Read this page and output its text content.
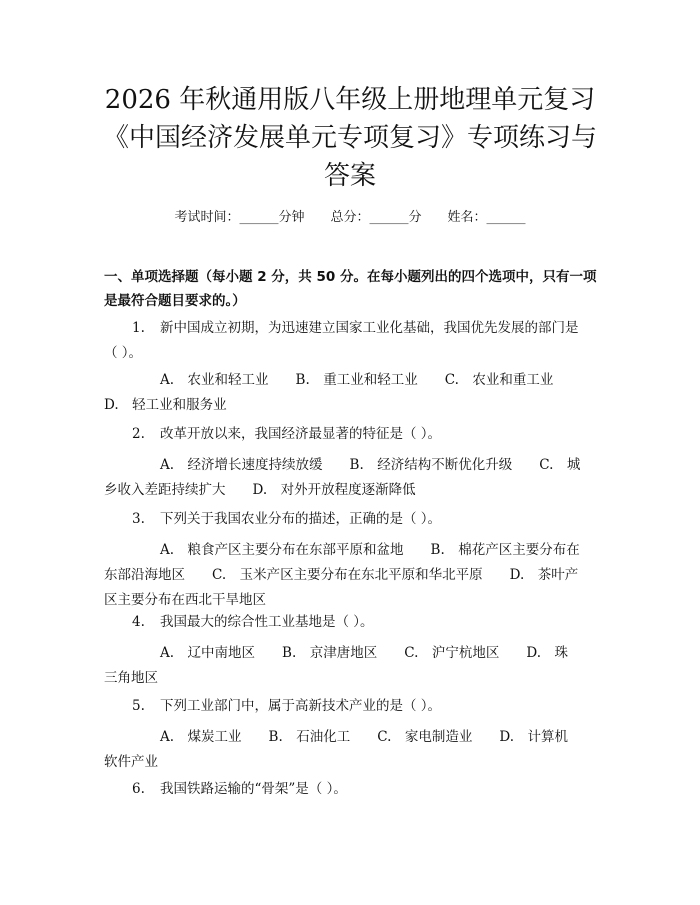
2026 年秋通用版八年级上册地理单元复习
《中国经济发展单元专项复习》专项练习与
答案
考试时间：______分钟 总分：______分 姓名：______
一、单项选择题（每小题 2 分，共 50 分。在每小题列出的四个选项中，只有一项
是最符合题目要求的。）
1. 新中国成立初期，为迅速建立国家工业化基础，我国优先发展的部门是
（ ）。
A.　农业和轻工业　　B.　重工业和轻工业　　C.　农业和重工业
D.　轻工业和服务业
2. 改革开放以来，我国经济最显著的特征是（ ）。
A.　经济增长速度持续放缓　　B.　经济结构不断优化升级　　C.　城
乡收入差距持续扩大　　D.　对外开放程度逐渐降低
3. 下列关于我国农业分布的描述，正确的是（ ）。
A.　粮食产区主要分布在东部平原和盆地　　B.　棉花产区主要分布在
东部沿海地区　　C.　玉米产区主要分布在东北平原和华北平原　　D.　茶叶产
区主要分布在西北干旱地区
4. 我国最大的综合性工业基地是（ ）。
A.　辽中南地区　　B.　京津唐地区　　C.　沪宁杭地区　　D.　珠
三角地区
5. 下列工业部门中，属于高新技术产业的是（ ）。
A.　煤炭工业　　B.　石油化工　　C.　家电制造业　　D.　计算机
软件产业
6. 我国铁路运输的“骨架”是（ ）。
